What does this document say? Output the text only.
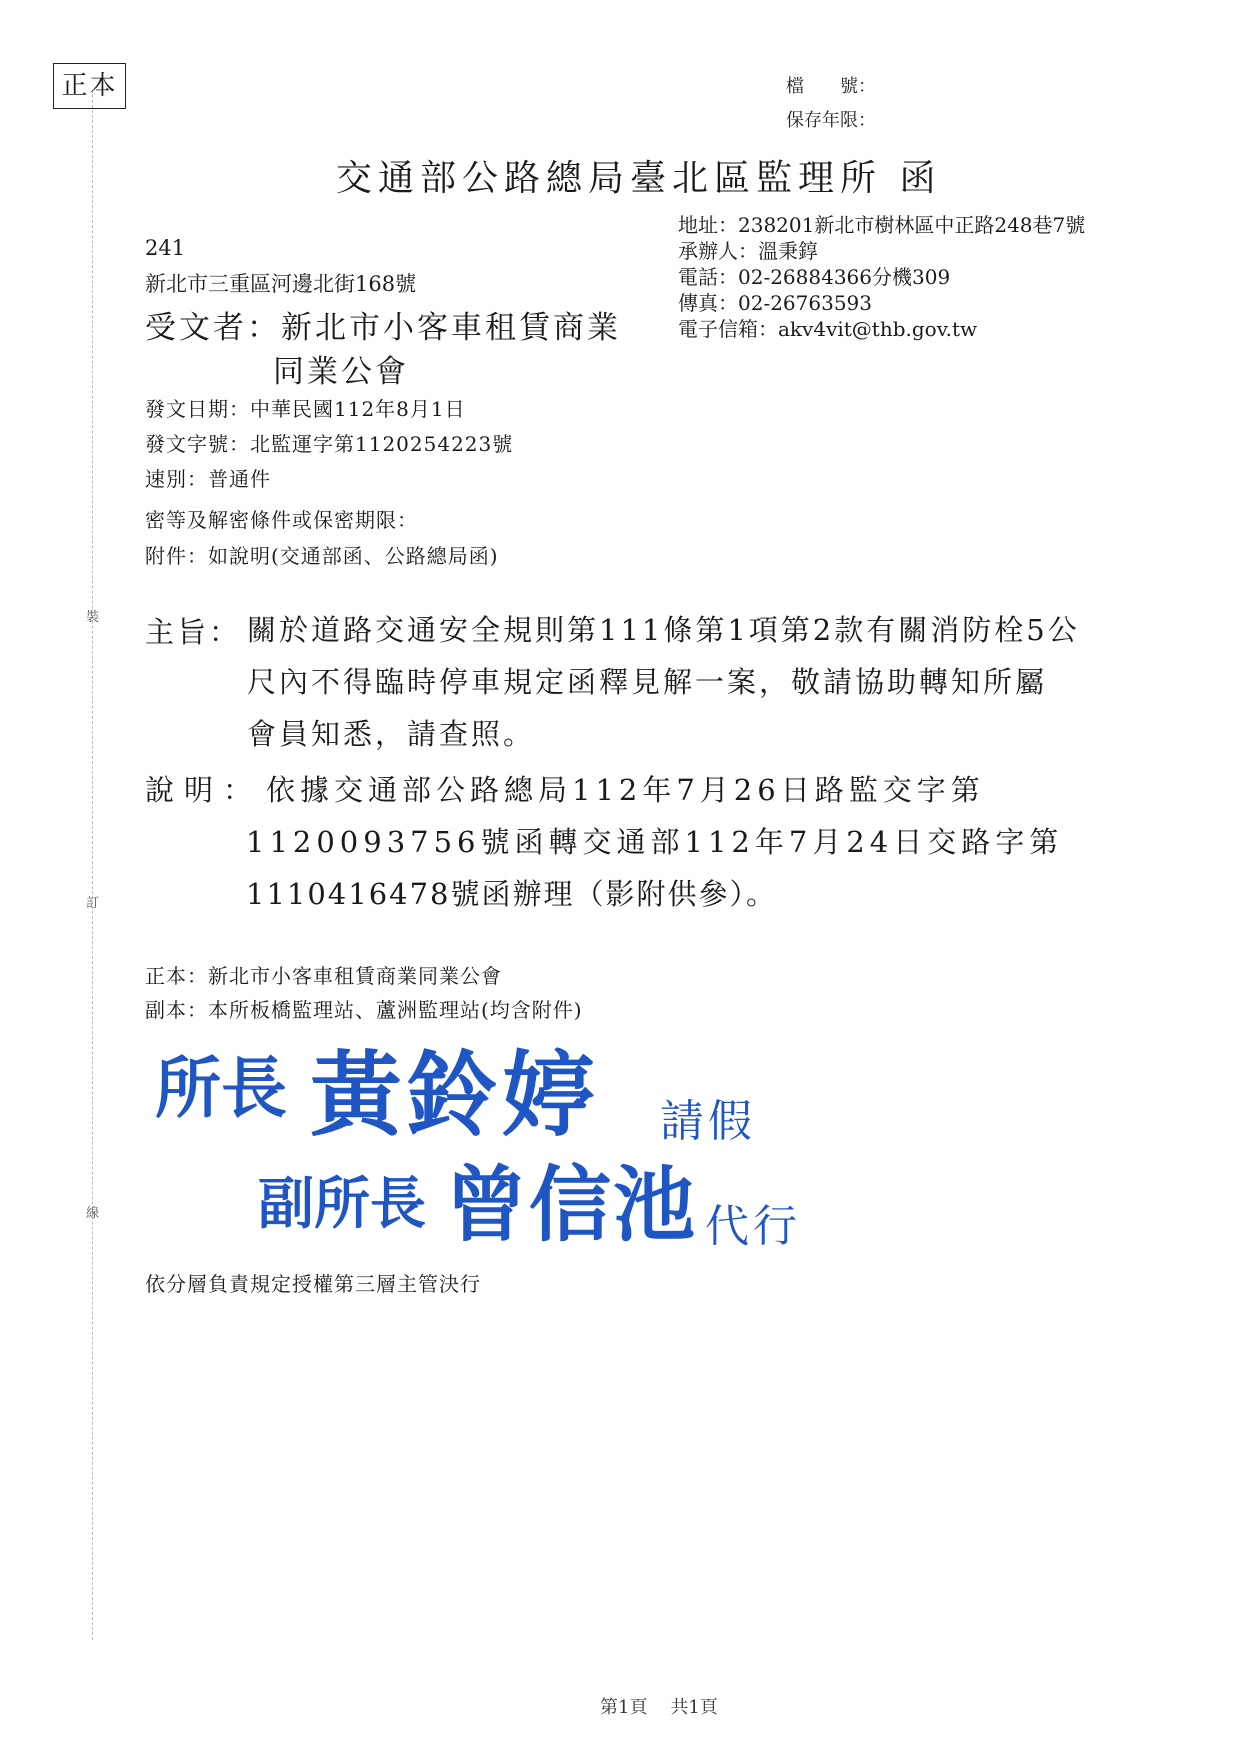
裝
訂
線
正本	檔　　號：
保存年限：
交通部公路總局臺北區監理所 函
地址：238201新北市樹林區中正路248巷7號
承辦人：溫秉錞
電話：02-26884366分機309
傳真：02-26763593
電子信箱：akv4vit@thb.gov.tw
241
新北市三重區河邊北街168號
受文者：新北市小客車租賃商業
同業公會
發文日期：中華民國112年8月1日
發文字號：北監運字第1120254223號
速別：普通件
密等及解密條件或保密期限：
附件：如說明(交通部函、公路總局函)
主旨： 關於道路交通安全規則第111條第1項第2款有關消防栓5公
尺內不得臨時停車規定函釋見解一案，敬請協助轉知所屬
會員知悉，請查照。
說明： 依據交通部公路總局112年7月26日路監交字第
1120093756號函轉交通部112年7月24日交路字第
1110416478號函辦理（影附供參）。
正本：新北市小客車租賃商業同業公會
副本：本所板橋監理站、蘆洲監理站(均含附件)
所長 黃鈴婷 請假
副所長 曾信池 代行
依分層負責規定授權第三層主管決行
第1頁 共1頁
